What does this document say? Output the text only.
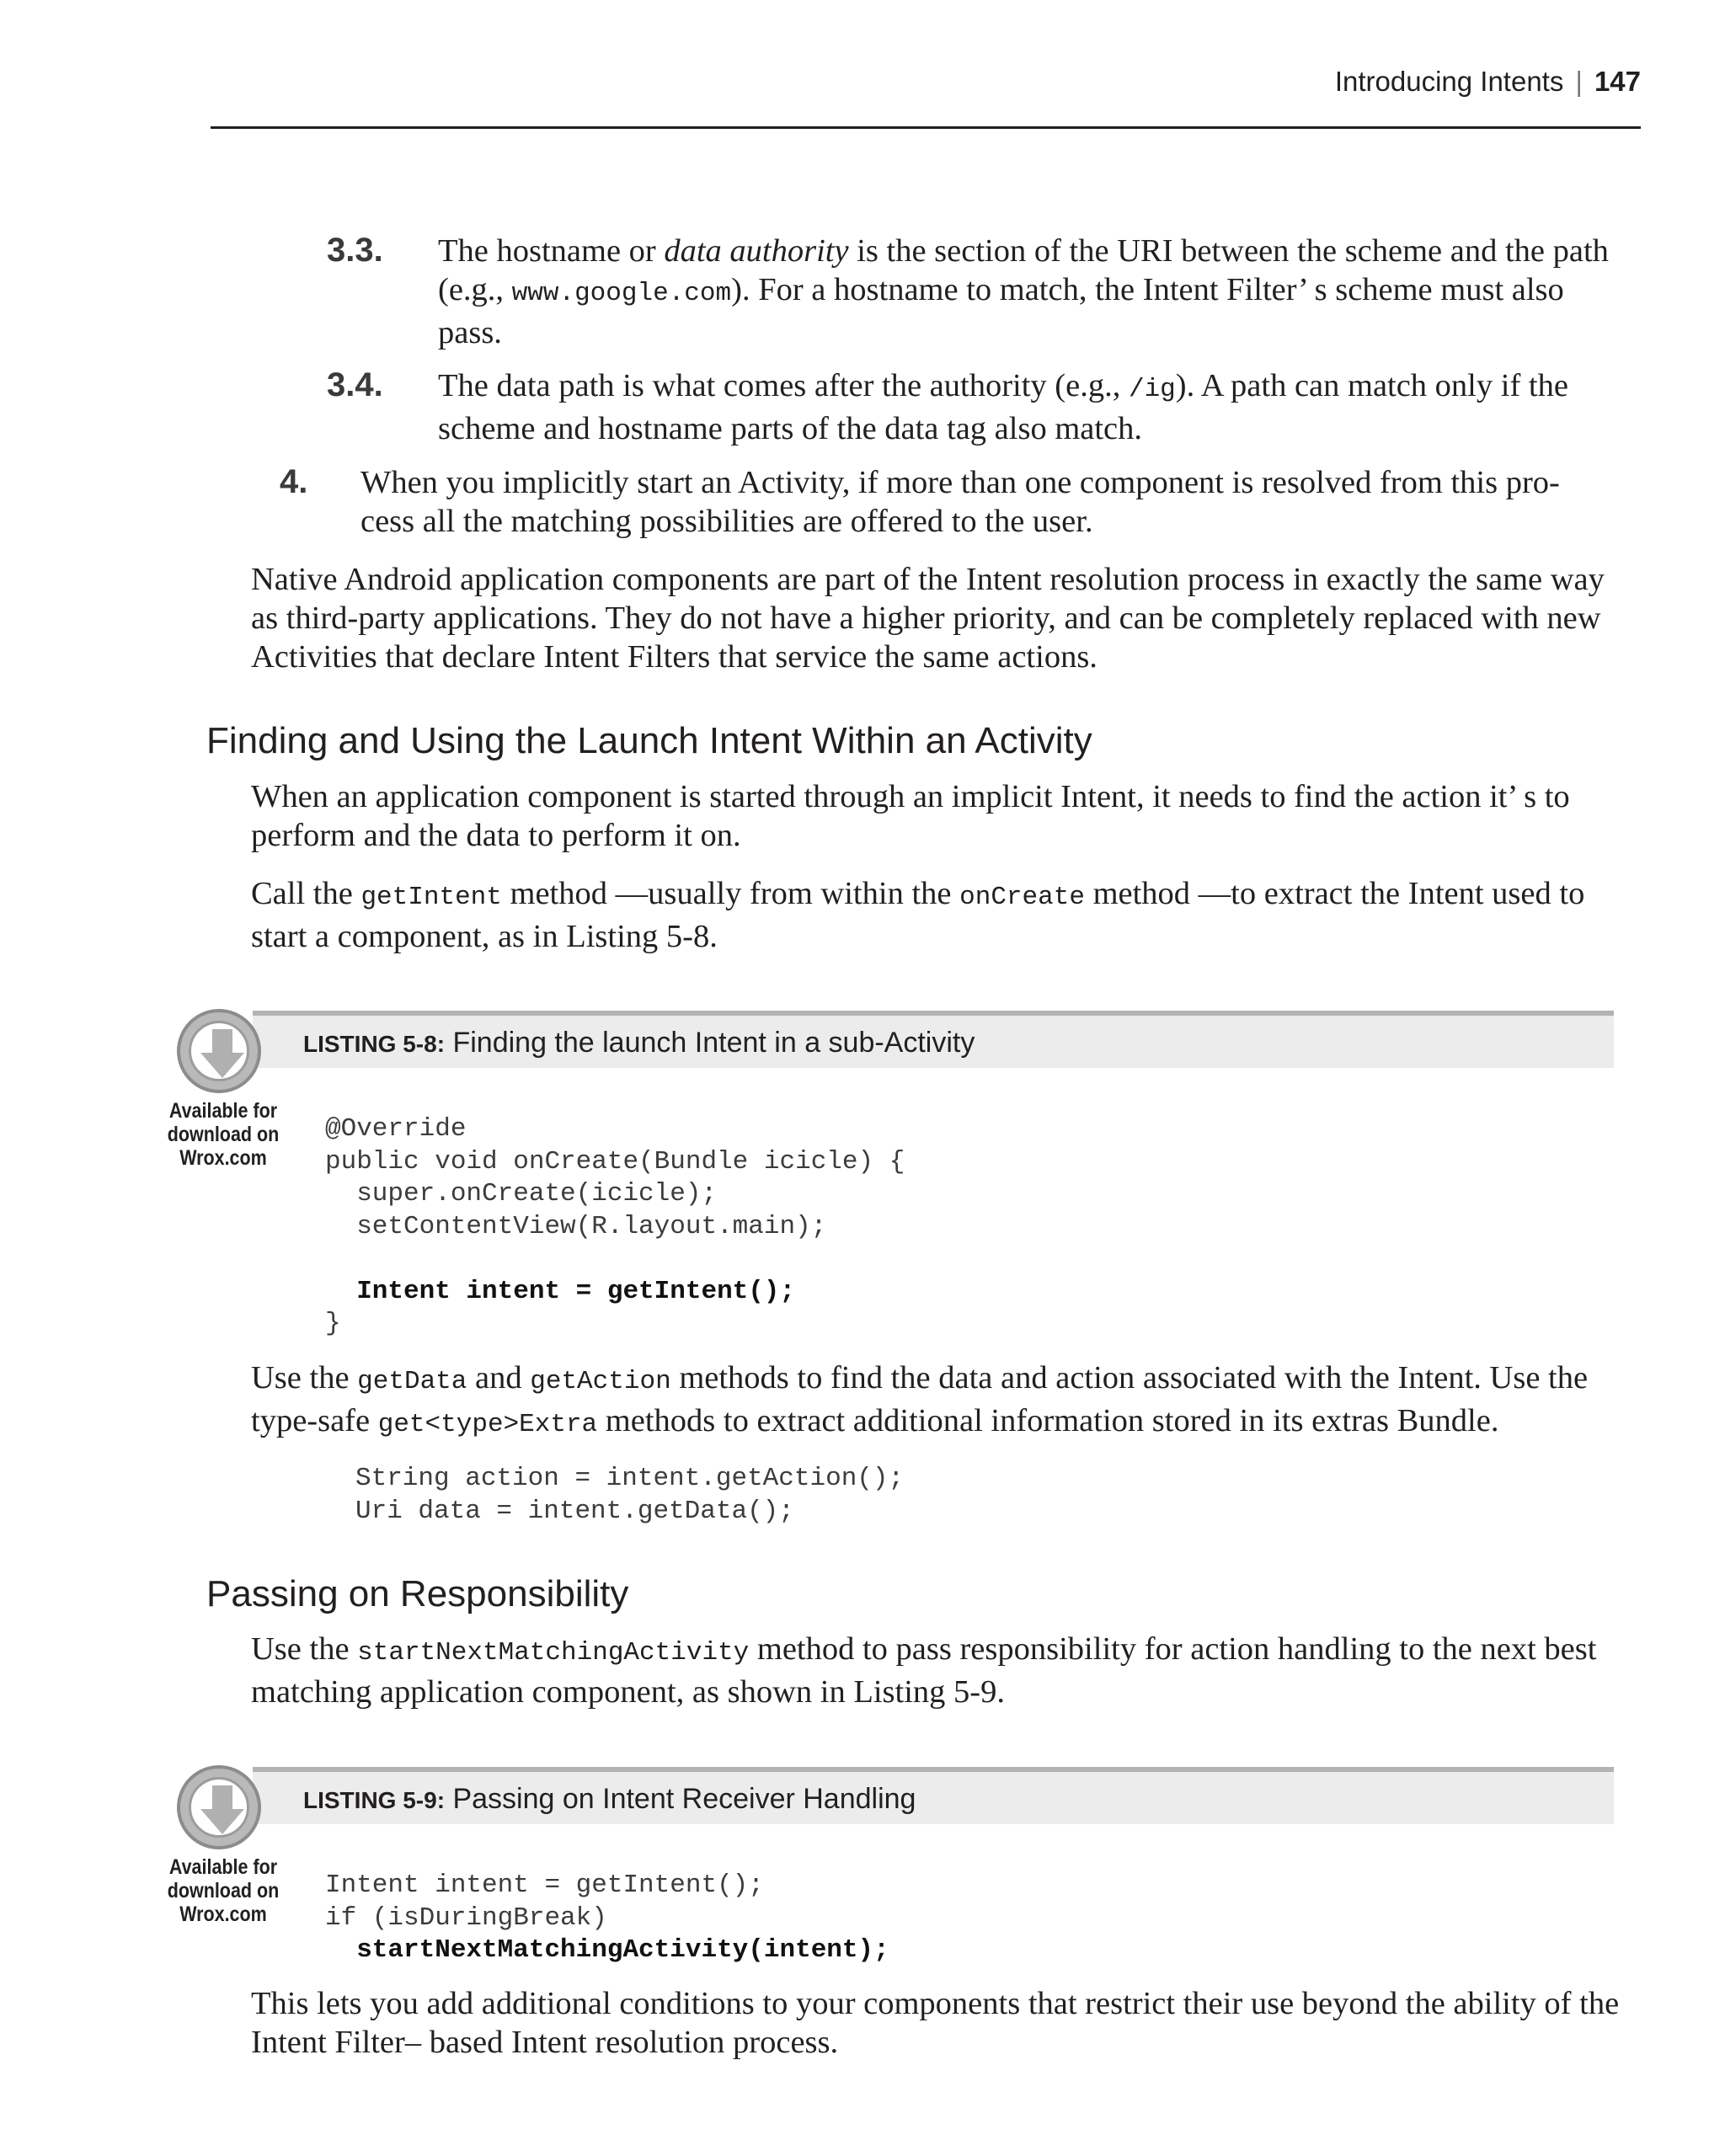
Introducing Intents | 147
3.3. The hostname or data authority is the section of the URI between the scheme and the path (e.g., www.google.com). For a hostname to match, the Intent Filter’ s scheme must also pass.

3.4. The data path is what comes after the authority (e.g., /ig). A path can match only if the scheme and hostname parts of the data tag also match.

4. When you implicitly start an Activity, if more than one component is resolved from this pro-cess all the matching possibilities are offered to the user.

Native Android application components are part of the Intent resolution process in exactly the same way as third-party applications. They do not have a higher priority, and can be completely replaced with new Activities that declare Intent Filters that service the same actions.

Finding and Using the Launch Intent Within an Activity

When an application component is started through an implicit Intent, it needs to find the action it’ s to perform and the data to perform it on.

Call the getIntent method —usually from within the onCreate method —to extract the Intent used to start a component, as in Listing 5-8.

LISTING 5-8: Finding the launch Intent in a sub-Activity
Available for
download on
Wrox.com
@Override
public void onCreate(Bundle icicle) {
super.onCreate(icicle);
setContentView(R.layout.main);

Intent intent = getIntent();
}

Use the getData and getAction methods to find the data and action associated with the Intent. Use the type-safe get<type>Extra methods to extract additional information stored in its extras Bundle.

String action = intent.getAction();
Uri data = intent.getData();
Passing on Responsibility

Use the startNextMatchingActivity method to pass responsibility for action handling to the next best matching application component, as shown in Listing 5-9.

LISTING 5-9: Passing on Intent Receiver Handling
Available for
download on
Wrox.com
Intent intent = getIntent();
if (isDuringBreak)
startNextMatchingActivity(intent);

This lets you add additional conditions to your components that restrict their use beyond the ability of the Intent Filter– based Intent resolution process.
